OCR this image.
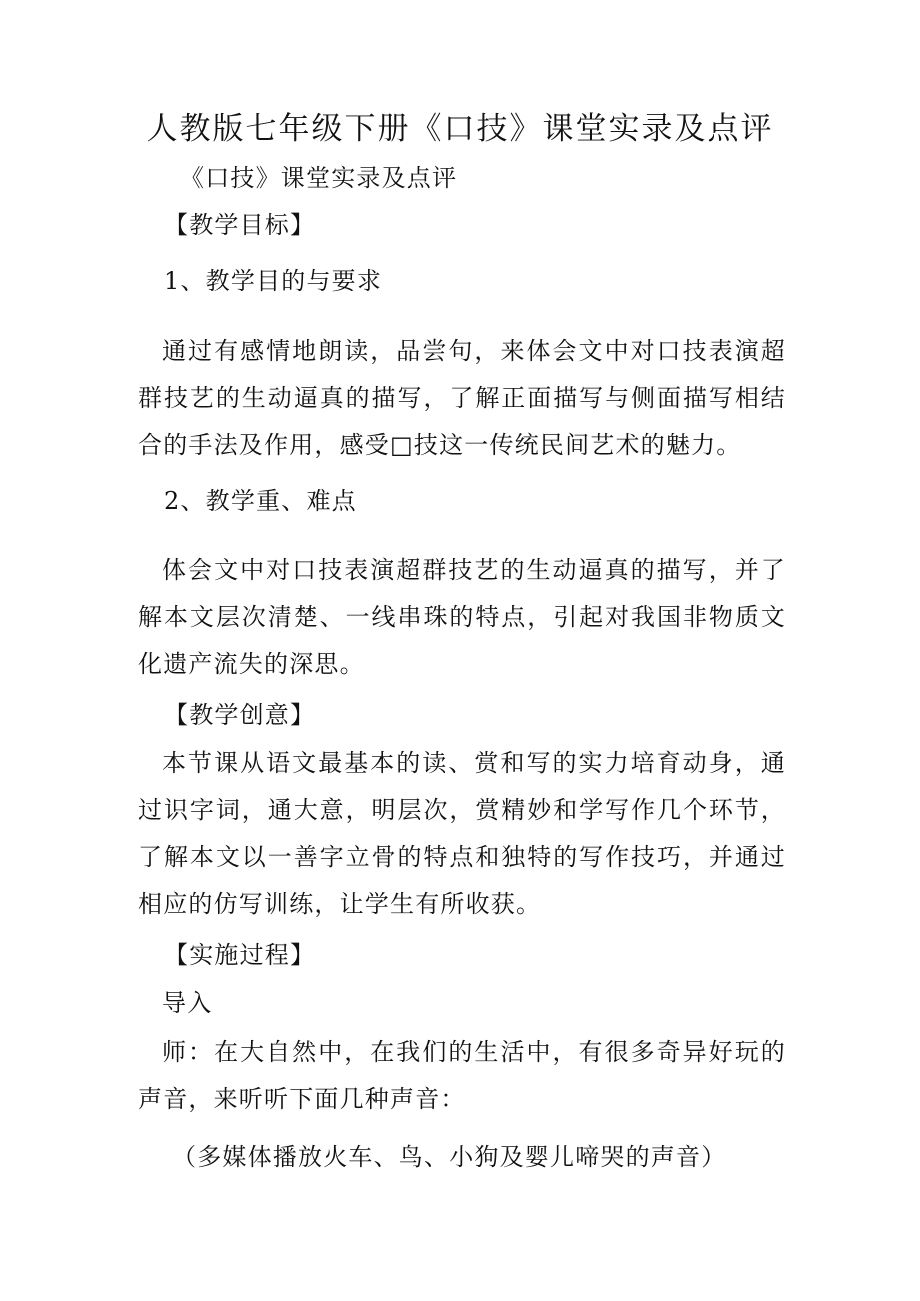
人教版七年级下册《口技》课堂实录及点评
《口技》课堂实录及点评
【教学目标】
1、教学目的与要求
通过有感情地朗读，品尝句，来体会文中对口技表演超群技艺的生动逼真的描写，了解正面描写与侧面描写相结合的手法及作用，感受□技这一传统民间艺术的魅力。
2、教学重、难点
体会文中对口技表演超群技艺的生动逼真的描写，并了解本文层次清楚、一线串珠的特点，引起对我国非物质文化遗产流失的深思。
【教学创意】
本节课从语文最基本的读、赏和写的实力培育动身，通过识字词，通大意，明层次，赏精妙和学写作几个环节，了解本文以一善字立骨的特点和独特的写作技巧，并通过相应的仿写训练，让学生有所收获。
【实施过程】
导入
师：在大自然中，在我们的生活中，有很多奇异好玩的声音，来听听下面几种声音：
（多媒体播放火车、鸟、小狗及婴儿啼哭的声音）
